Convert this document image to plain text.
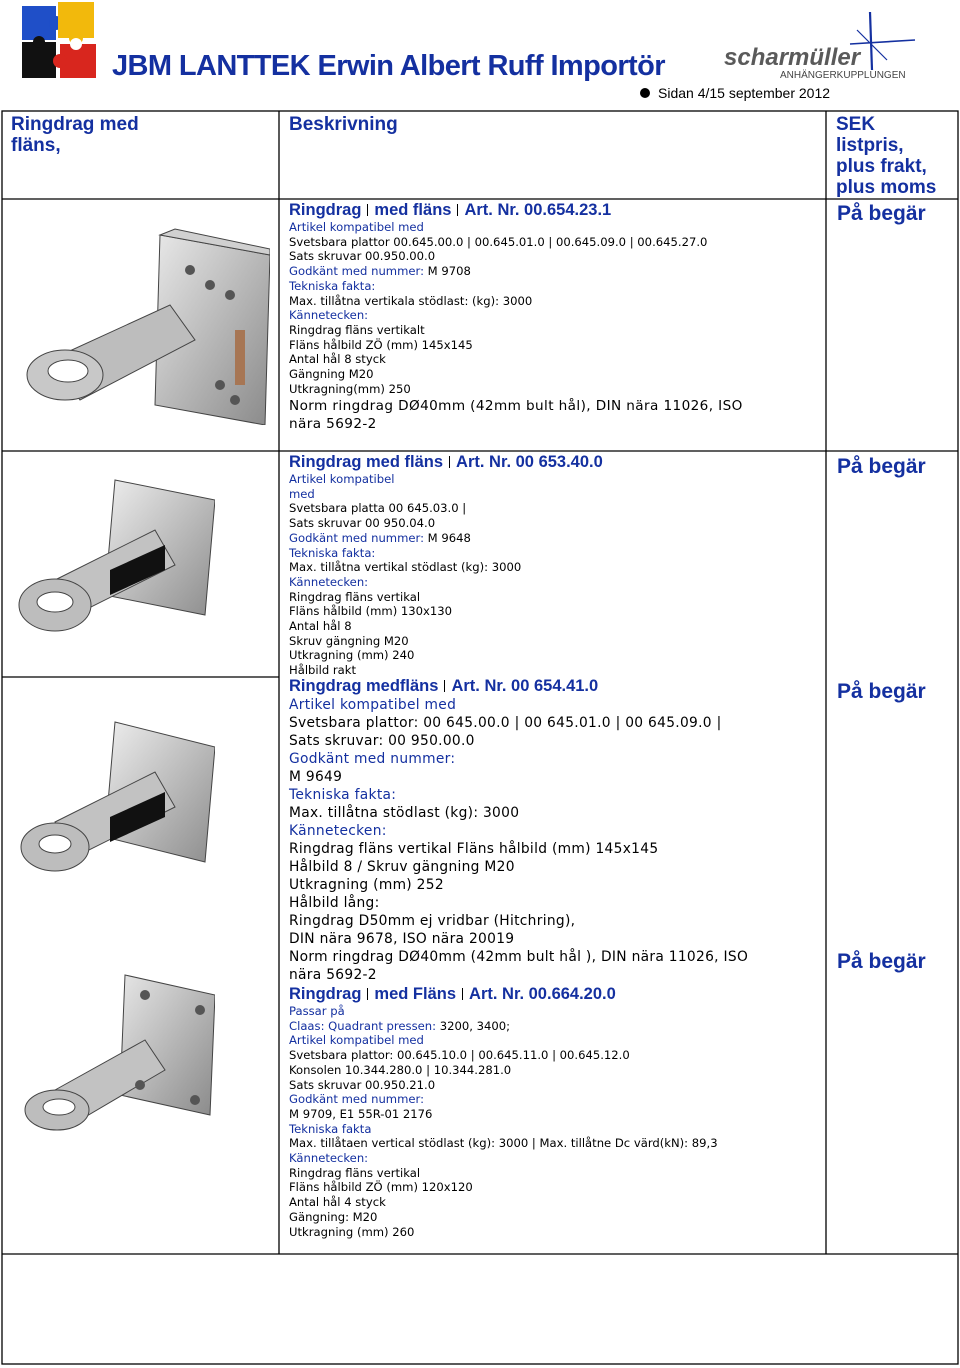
JBM LANTTEK Erwin Albert Ruff Importör scharmüller
ANHÄNGERKUPPLUNGEN
Sidan 4/15 september 2012
Ringdrag med fläns,
Beskrivning	SEK listpris, plus frakt, plus moms
På begär
På begär
På begär
På begär
Ringdrag med fläns Art. Nr. 00.654.23.1
Artikel kompatibel med
Svetsbara plattor 00.645.00.0 | 00.645.01.0 | 00.645.09.0 | 00.645.27.0
Sats skruvar 00.950.00.0
Godkänt med nummer: M 9708
Tekniska fakta:
Max. tillåtna vertikala stödlast: (kg): 3000
Kännetecken:
Ringdrag fläns vertikalt
Fläns hålbild ZÖ (mm) 145x145
Antal hål 8 styck
Gängning M20
Utkragning(mm) 250
Norm ringdrag DØ40mm (42mm bult hål), DIN nära 11026, ISO
nära 5692-2
Ringdrag med fläns Art. Nr. 00 653.40.0
Artikel kompatibel
med
Svetsbara platta 00 645.03.0 |
Sats skruvar 00 950.04.0
Godkänt med nummer: M 9648
Tekniska fakta:
Max. tillåtna vertikal stödlast (kg): 3000
Kännetecken:
Ringdrag fläns vertikal
Fläns hålbild (mm) 130x130
Antal hål 8
Skruv gängning M20
Utkragning (mm) 240
Hålbild rakt
Ringdrag medfläns Art. Nr. 00 654.41.0
Artikel kompatibel med
Svetsbara plattor: 00 645.00.0 | 00 645.01.0 | 00 645.09.0 |
Sats skruvar: 00 950.00.0
Godkänt med nummer:
M 9649
Tekniska fakta:
Max. tillåtna stödlast (kg): 3000
Kännetecken:
Ringdrag fläns vertikal Fläns hålbild (mm) 145x145
Hålbild 8 / Skruv gängning M20
Utkragning (mm) 252
Hålbild lång:
Ringdrag D50mm ej vridbar (Hitchring),
DIN nära 9678, ISO nära 20019
Norm ringdrag DØ40mm (42mm bult hål ), DIN nära 11026, ISO
nära 5692-2
Ringdrag med Fläns Art. Nr. 00.664.20.0
Passar på
Claas: Quadrant pressen: 3200, 3400;
Artikel kompatibel med
Svetsbara plattor: 00.645.10.0 | 00.645.11.0 | 00.645.12.0
Konsolen 10.344.280.0 | 10.344.281.0
Sats skruvar 00.950.21.0
Godkänt med nummer:
M 9709, E1 55R-01 2176
Tekniska fakta
Max. tillåtaen vertical stödlast (kg): 3000 | Max. tillåtne Dc värd(kN): 89,3
Kännetecken:
Ringdrag fläns vertikal
Fläns hålbild ZÖ (mm) 120x120
Antal hål 4 styck
Gängning: M20
Utkragning (mm) 260
